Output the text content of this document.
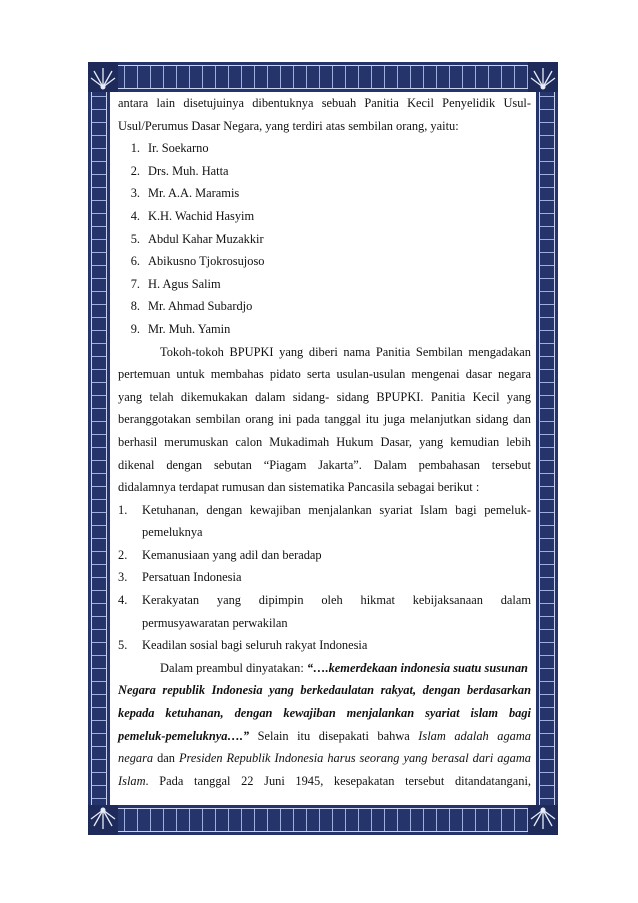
antara lain disetujuinya dibentuknya sebuah Panitia Kecil Penyelidik Usul-

Usul/Perumus Dasar Negara, yang terdiri atas sembilan orang, yaitu:

1. Ir. Soekarno
2. Drs. Muh. Hatta
3. Mr. A.A. Maramis
4. K.H. Wachid Hasyim
5. Abdul Kahar Muzakkir
6. Abikusno Tjokrosujoso
7. H. Agus Salim
8. Mr. Ahmad Subardjo
9. Mr. Muh. Yamin

Tokoh-tokoh BPUPKI yang diberi nama Panitia Sembilan mengadakan

pertemuan untuk membahas pidato serta usulan-usulan mengenai dasar negara

yang telah dikemukakan dalam sidang- sidang BPUPKI. Panitia Kecil yang

beranggotakan sembilan orang ini pada tanggal itu juga melanjutkan sidang dan

berhasil merumuskan calon Mukadimah Hukum Dasar, yang kemudian lebih

dikenal dengan sebutan “Piagam Jakarta”. Dalam pembahasan tersebut

didalamnya terdapat rumusan dan sistematika Pancasila sebagai berikut :

1. Ketuhanan, dengan kewajiban menjalankan syariat Islam bagi pemeluk-
pemeluknya
2. Kemanusiaan yang adil dan beradap
3. Persatuan Indonesia
4. Kerakyatan yang dipimpin oleh hikmat kebijaksanaan dalam
permusyawaratan perwakilan
5. Keadilan sosial bagi seluruh rakyat Indonesia

Dalam preambul dinyatakan: “….kemerdekaan indonesia suatu susunan

Negara republik Indonesia yang berkedaulatan rakyat, dengan berdasarkan

kepada ketuhanan, dengan kewajiban menjalankan syariat islam bagi

pemeluk-pemeluknya….” Selain itu disepakati bahwa Islam adalah agama

negara dan Presiden Republik Indonesia harus seorang yang berasal dari agama

Islam. Pada tanggal 22 Juni 1945, kesepakatan tersebut ditandatangani,
